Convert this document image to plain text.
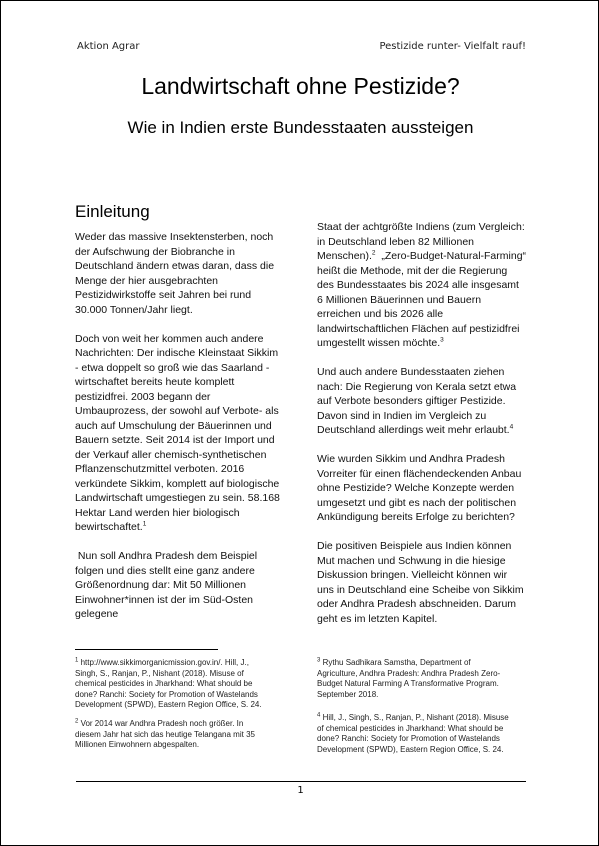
Aktion Agrar	Pestizide runter- Vielfalt rauf!
Landwirtschaft ohne Pestizide?
Wie in Indien erste Bundesstaaten aussteigen
Einleitung

Weder das massive Insektensterben, noch
der Aufschwung der Biobranche in
Deutschland ändern etwas daran, dass die
Menge der hier ausgebrachten
Pestizidwirkstoffe seit Jahren bei rund
30.000 Tonnen/Jahr liegt.

Doch von weit her kommen auch andere
Nachrichten: Der indische Kleinstaat Sikkim
- etwa doppelt so groß wie das Saarland -
wirtschaftet bereits heute komplett
pestizidfrei. 2003 begann der
Umbauprozess, der sowohl auf Verbote- als
auch auf Umschulung der Bäuerinnen und
Bauern setzte. Seit 2014 ist der Import und
der Verkauf aller chemisch-synthetischen
Pflanzenschutzmittel verboten. 2016
verkündete Sikkim, komplett auf biologische
Landwirtschaft umgestiegen zu sein. 58.168
Hektar Land werden hier biologisch
bewirtschaftet.$^1$

Nun soll Andhra Pradesh dem Beispiel
folgen und dies stellt eine ganz andere
Größenordnung dar: Mit 50 Millionen
Einwohner*innen ist der im Süd-Osten
gelegene

Staat der achtgrößte Indiens (zum Vergleich:
in Deutschland leben 82 Millionen
Menschen).$^2$  „Zero-Budget-Natural-Farming“
heißt die Methode, mit der die Regierung
des Bundesstaates bis 2024 alle insgesamt
6 Millionen Bäuerinnen und Bauern
erreichen und bis 2026 alle
landwirtschaftlichen Flächen auf pestizidfrei
umgestellt wissen möchte.$^3$

Und auch andere Bundesstaaten ziehen
nach: Die Regierung von Kerala setzt etwa
auf Verbote besonders giftiger Pestizide.
Davon sind in Indien im Vergleich zu
Deutschland allerdings weit mehr erlaubt.$^4$

Wie wurden Sikkim und Andhra Pradesh
Vorreiter für einen flächendeckenden Anbau
ohne Pestizide? Welche Konzepte werden
umgesetzt und gibt es nach der politischen
Ankündigung bereits Erfolge zu berichten?

Die positiven Beispiele aus Indien können
Mut machen und Schwung in die hiesige
Diskussion bringen. Vielleicht können wir
uns in Deutschland eine Scheibe von Sikkim
oder Andhra Pradesh abschneiden. Darum
geht es im letzten Kapitel.

$^1$ http://www.sikkimorganicmission.gov.in/. Hill, J.,
Singh, S., Ranjan, P., Nishant (2018). Misuse of
chemical pesticides in Jharkhand: What should be
done? Ranchi: Society for Promotion of Wastelands
Development (SPWD), Eastern Region Office, S. 24.
$^2$ Vor 2014 war Andhra Pradesh noch größer. In
diesem Jahr hat sich das heutige Telangana mit 35
Millionen Einwohnern abgespalten.
$^3$ Rythu Sadhikara Samstha, Department of
Agriculture, Andhra Pradesh: Andhra Pradesh Zero-
Budget Natural Farming A Transformative Program.
September 2018.
$^4$ Hill, J., Singh, S., Ranjan, P., Nishant (2018). Misuse
of chemical pesticides in Jharkhand: What should be
done? Ranchi: Society for Promotion of Wastelands
Development (SPWD), Eastern Region Office, S. 24.
1
